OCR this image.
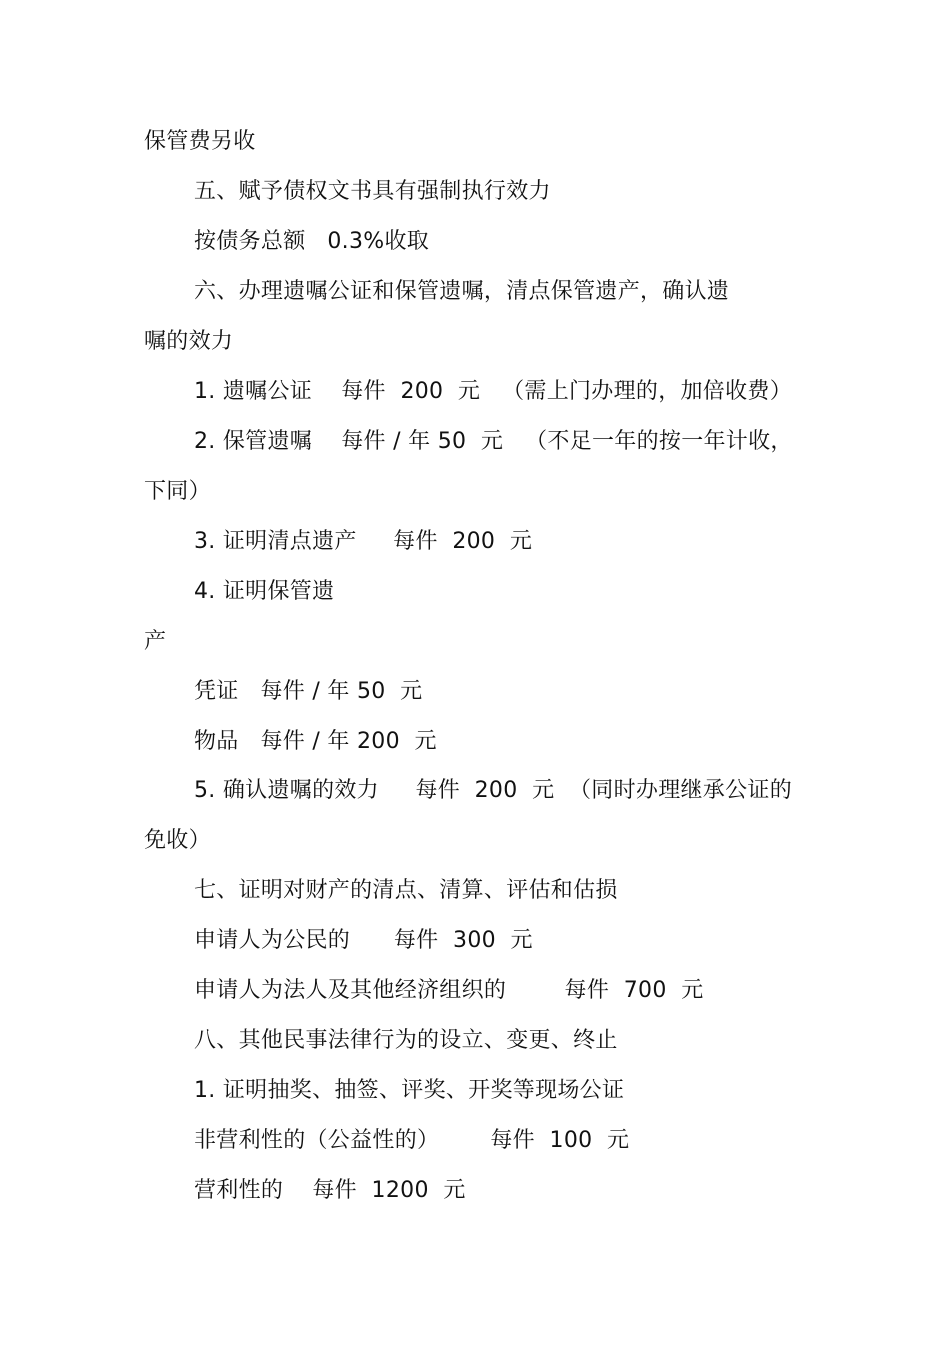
保管费另收
五、赋予债权文书具有强制执行效力
按债务总额   0.3%收取
六、办理遗嘱公证和保管遗嘱，清点保管遗产，确认遗
嘱的效力
1. 遗嘱公证    每件  200  元   （需上门办理的，加倍收费）
2. 保管遗嘱    每件 / 年 50  元   （不足一年的按一年计收，
下同）
3. 证明清点遗产     每件  200  元
4. 证明保管遗
产
凭证   每件 / 年 50  元
物品   每件 / 年 200  元
5. 确认遗嘱的效力     每件  200  元  （同时办理继承公证的
免收）
七、证明对财产的清点、清算、评估和估损
申请人为公民的      每件  300  元
申请人为法人及其他经济组织的        每件  700  元
八、其他民事法律行为的设立、变更、终止
1. 证明抽奖、抽签、评奖、开奖等现场公证
非营利性的（公益性的）       每件  100  元
营利性的    每件  1200  元
